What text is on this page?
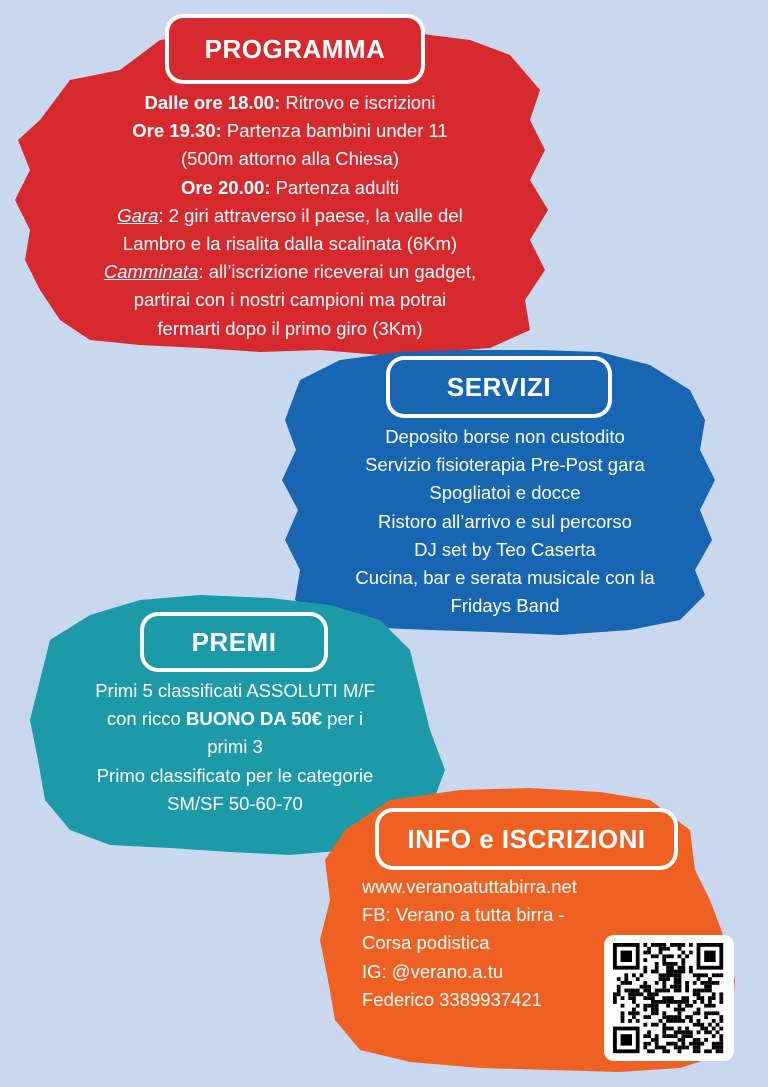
PROGRAMMA
Dalle ore 18.00: Ritrovo e iscrizioni
Ore 19.30: Partenza bambini under 11
(500m attorno alla Chiesa)
Ore 20.00: Partenza adulti
Gara: 2 giri attraverso il paese, la valle del
Lambro e la risalita dalla scalinata (6Km)
Camminata: all’iscrizione riceverai un gadget,
partirai con i nostri campioni ma potrai
fermarti dopo il primo giro (3Km)
SERVIZI
Deposito borse non custodito
Servizio fisioterapia Pre-Post gara
Spogliatoi e docce
Ristoro all’arrivo e sul percorso
DJ set by Teo Caserta
Cucina, bar e serata musicale con la
Fridays Band
PREMI
Primi 5 classificati ASSOLUTI M/F
con ricco BUONO DA 50€ per i
primi 3
Primo classificato per le categorie
SM/SF 50-60-70
INFO e ISCRIZIONI
www.veranoatuttabirra.net
FB: Verano a tutta birra -
Corsa podistica
IG: @verano.a.tu
Federico 3389937421
